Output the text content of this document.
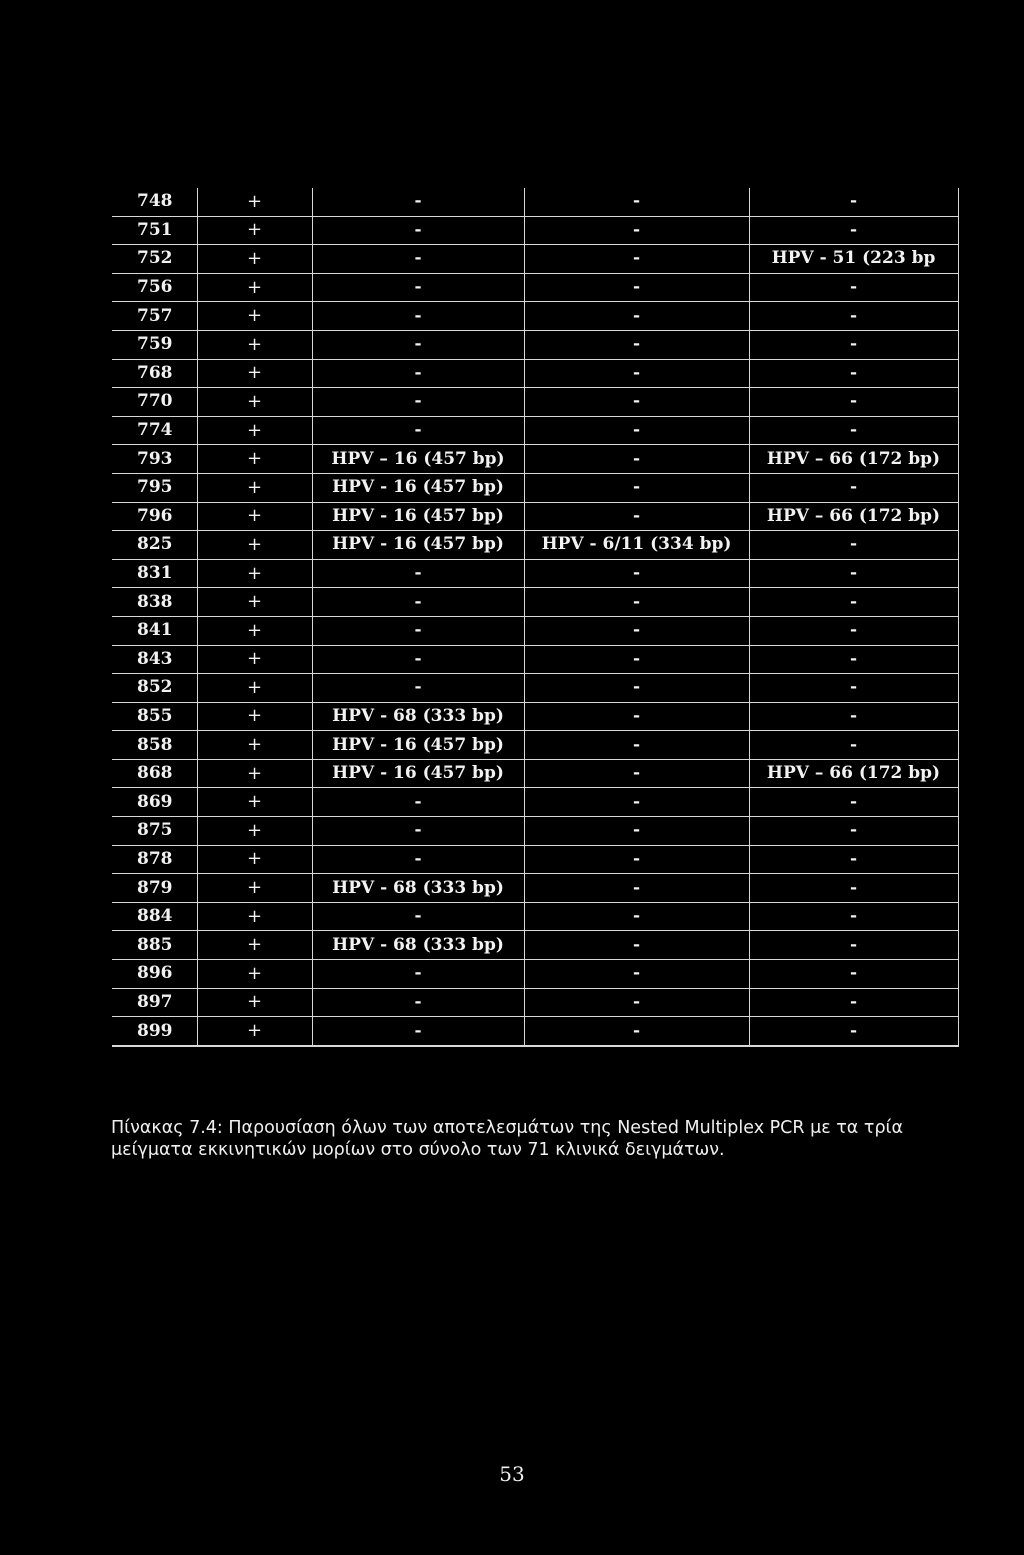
748	+	-	-	-
751	+	-	-	-
752	+	-	-	HPV - 51 (223 bp
756	+	-	-	-
757	+	-	-	-
759	+	-	-	-
768	+	-	-	-
770	+	-	-	-
774	+	-	-	-
793	+	HPV – 16 (457 bp)	-	HPV – 66 (172 bp)
795	+	HPV - 16 (457 bp)	-	-
796	+	HPV - 16 (457 bp)	-	HPV – 66 (172 bp)
825	+	HPV - 16 (457 bp)	HPV - 6/11 (334 bp)	-
831	+	-	-	-
838	+	-	-	-
841	+	-	-	-
843	+	-	-	-
852	+	-	-	-
855	+	HPV - 68 (333 bp)	-	-
858	+	HPV - 16 (457 bp)	-	-
868	+	HPV - 16 (457 bp)	-	HPV – 66 (172 bp)
869	+	-	-	-
875	+	-	-	-
878	+	-	-	-
879	+	HPV - 68 (333 bp)	-	-
884	+	-	-	-
885	+	HPV - 68 (333 bp)	-	-
896	+	-	-	-
897	+	-	-	-
899	+	-	-	-
Πίνακας 7.4: Παρουσίαση όλων των αποτελεσμάτων της Nested Multiplex PCR με τα τρία μείγματα εκκινητικών μορίων στο σύνολο των 71 κλινικά δειγμάτων.
53
